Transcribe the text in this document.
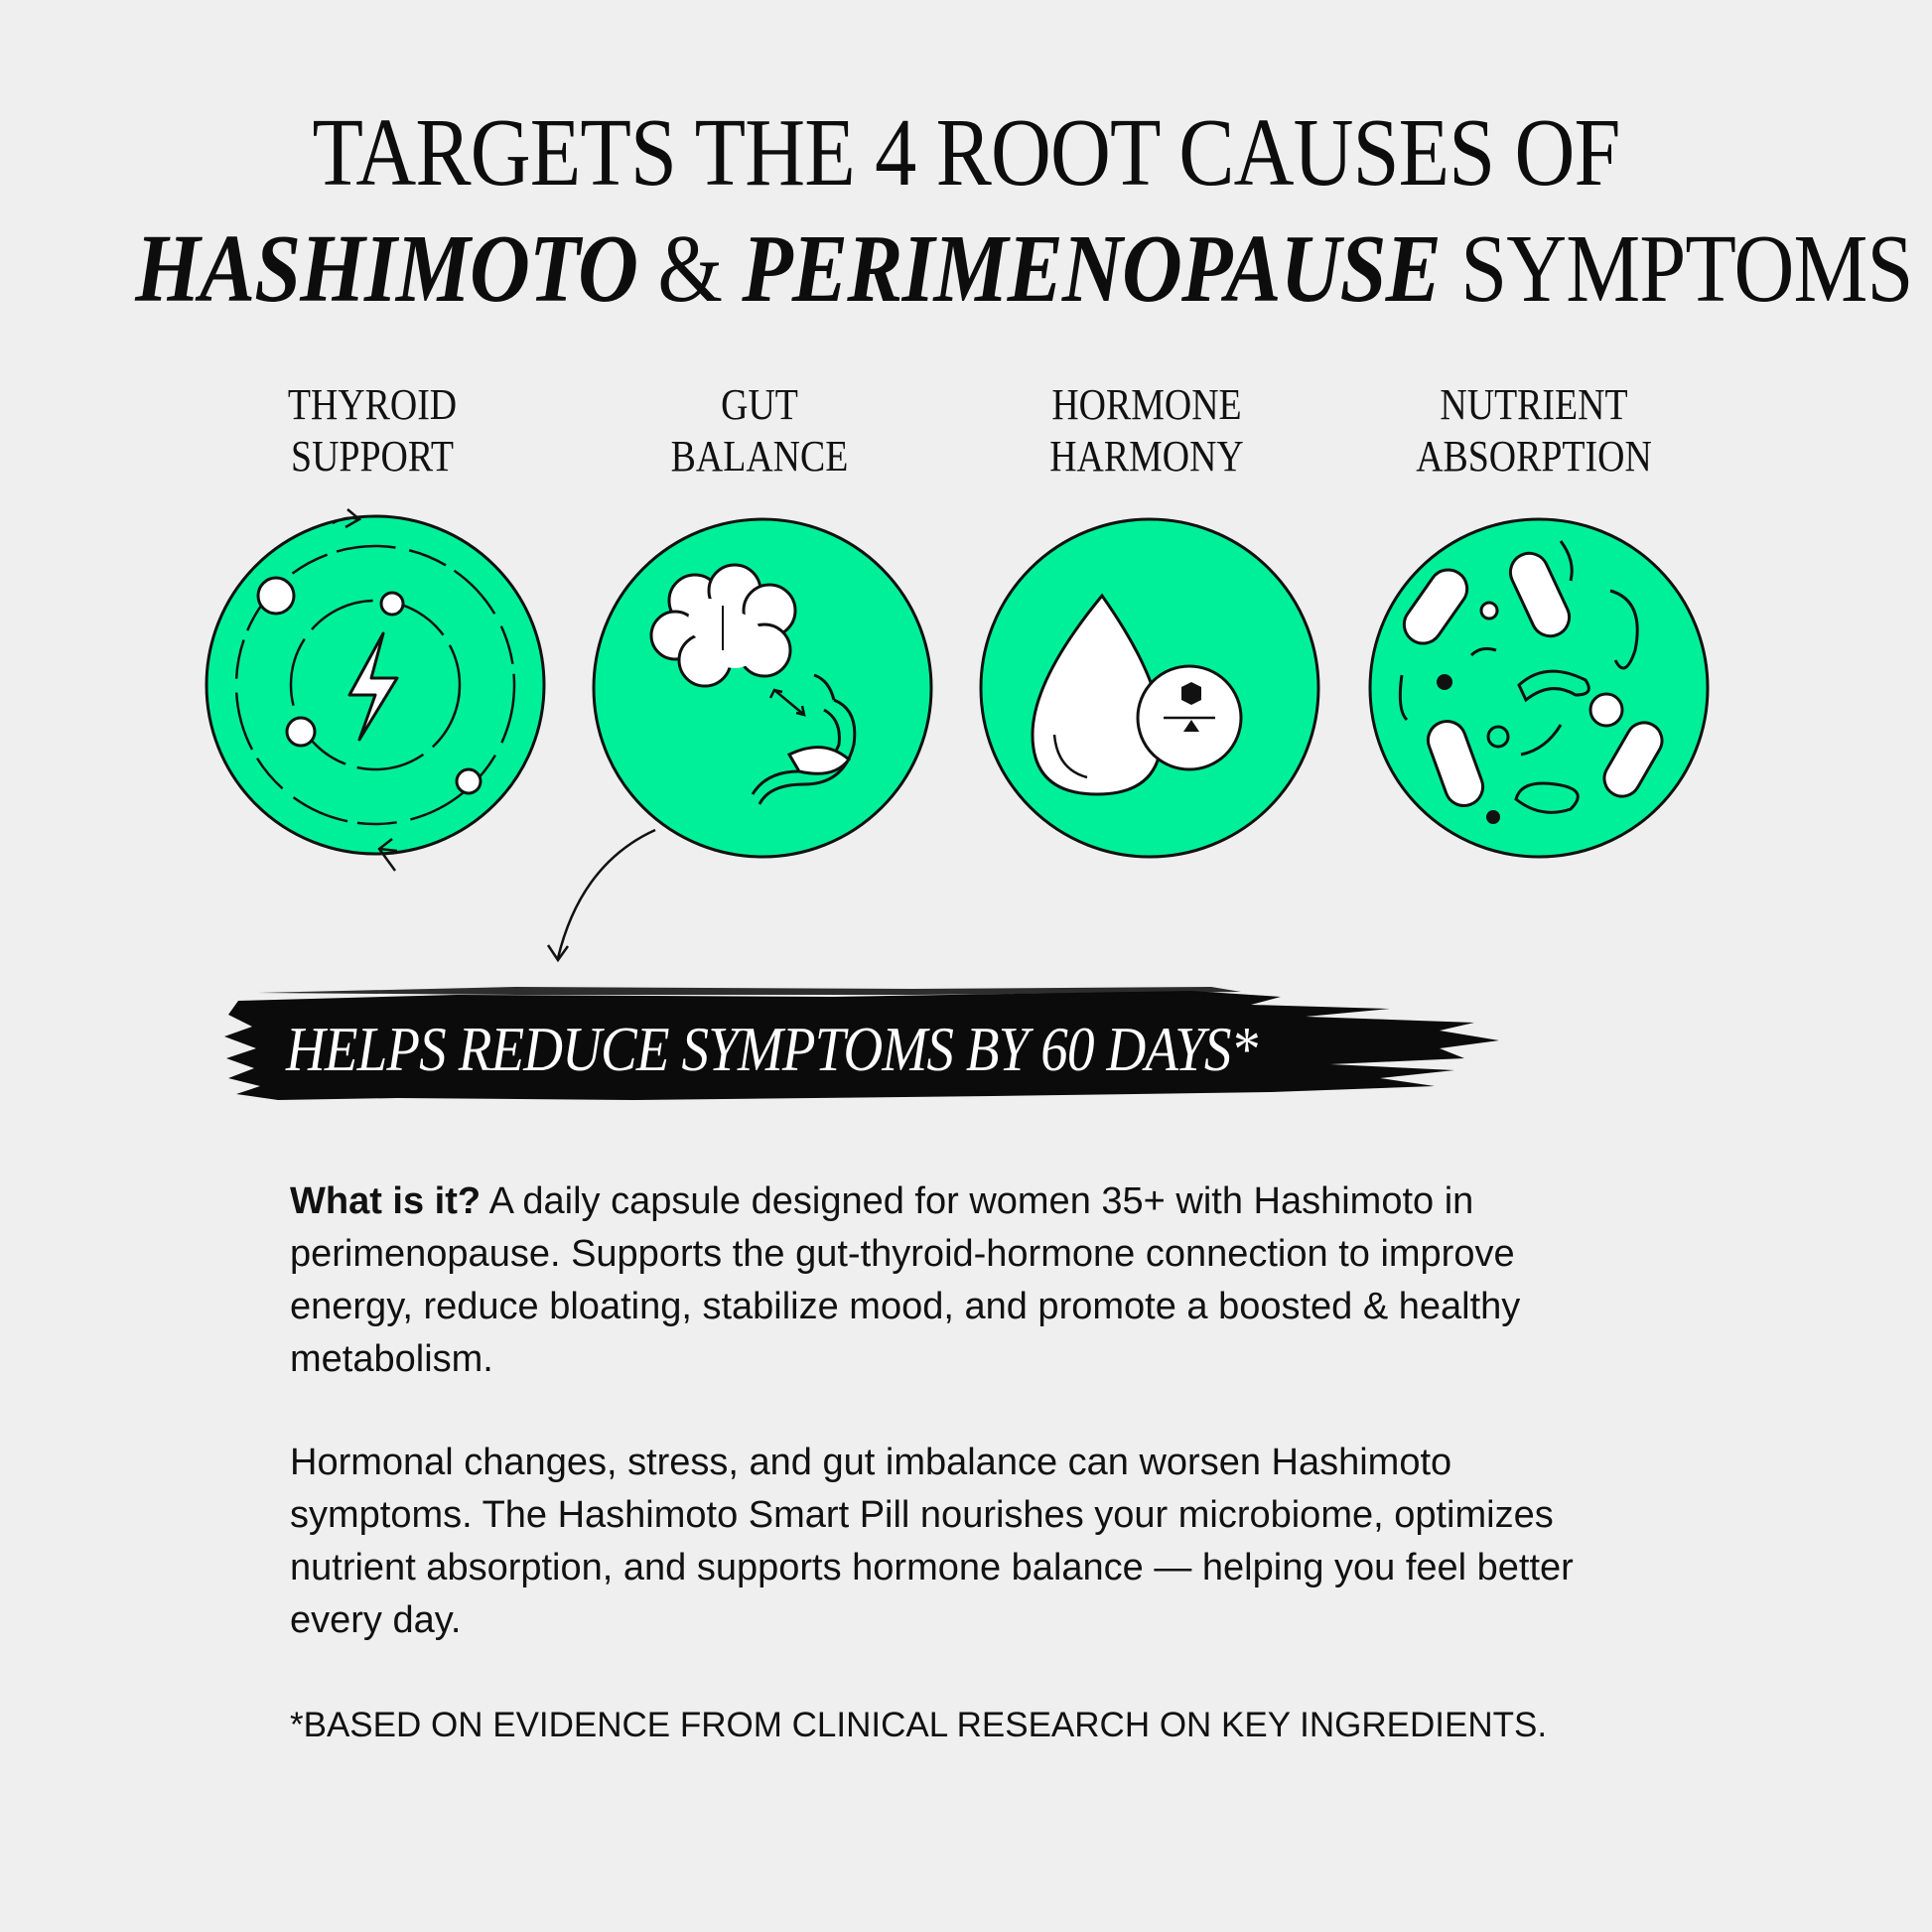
TARGETS THE 4 ROOT CAUSES OF
HASHIMOTO & PERIMENOPAUSE SYMPTOMS
THYROID
SUPPORT
GUT
BALANCE
HORMONE
HARMONY
NUTRIENT
ABSORPTION
HELPS REDUCE SYMPTOMS BY 60 DAYS*
What is it? A daily capsule designed for women 35+ with Hashimoto in perimenopause. Supports the gut-thyroid-hormone connection to improve energy, reduce bloating, stabilize mood, and promote a boosted & healthy metabolism.
Hormonal changes, stress, and gut imbalance can worsen Hashimoto symptoms. The Hashimoto Smart Pill nourishes your microbiome, optimizes nutrient absorption, and supports hormone balance — helping you feel better every day.
*BASED ON EVIDENCE FROM CLINICAL RESEARCH ON KEY INGREDIENTS.
